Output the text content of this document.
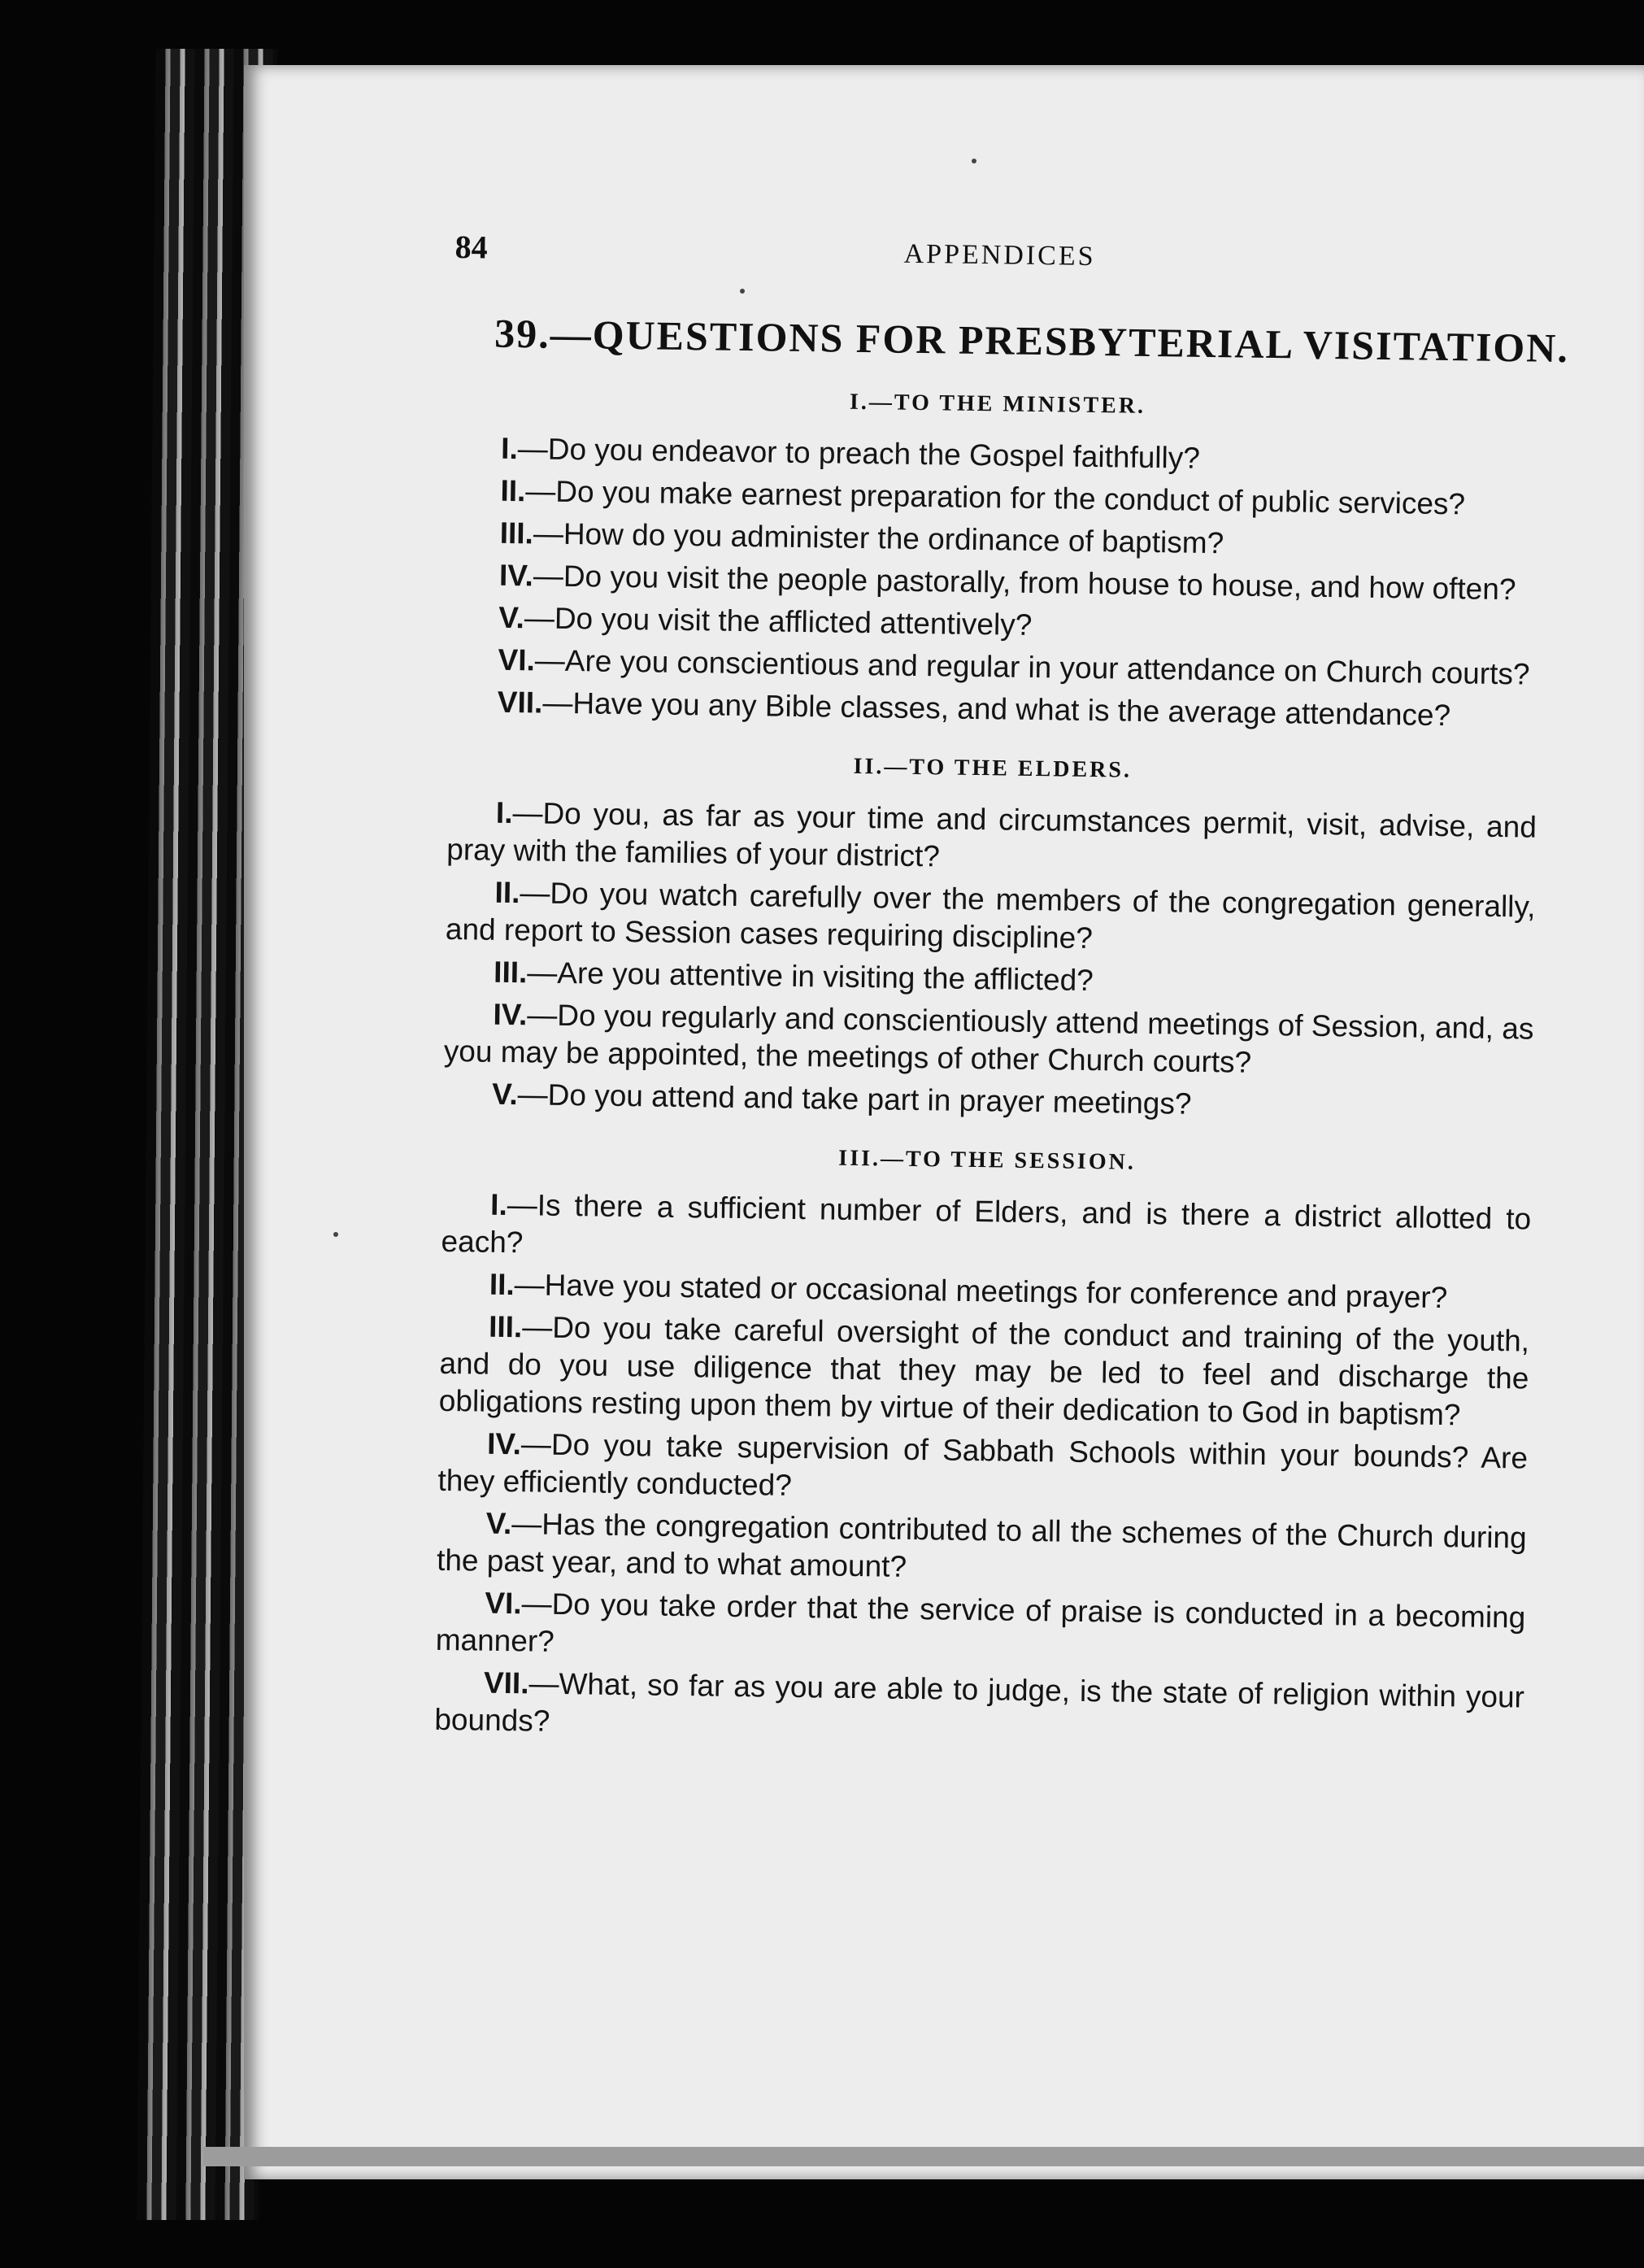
84	APPENDICES
39.—QUESTIONS FOR PRESBYTERIAL VISITATION.
I.—TO THE MINISTER.

I.—Do you endeavor to preach the Gospel faithfully?

II.—Do you make earnest preparation for the conduct of public services?

III.—How do you administer the ordinance of baptism?

IV.—Do you visit the people pastorally, from house to house, and how often?

V.—Do you visit the afflicted attentively?

VI.—Are you conscientious and regular in your attendance on Church courts?

VII.—Have you any Bible classes, and what is the average attendance?

II.—TO THE ELDERS.

I.—Do you, as far as your time and circumstances permit, visit, advise, and pray with the families of your district?

II.—Do you watch carefully over the members of the congregation generally, and report to Session cases requiring discipline?

III.—Are you attentive in visiting the afflicted?

IV.—Do you regularly and conscientiously attend meetings of Session, and, as you may be appointed, the meetings of other Church courts?

V.—Do you attend and take part in prayer meetings?

III.—TO THE SESSION.

I.—Is there a sufficient number of Elders, and is there a district allotted to each?

II.—Have you stated or occasional meetings for conference and prayer?

III.—Do you take careful oversight of the conduct and training of the youth, and do you use diligence that they may be led to feel and discharge the obligations resting upon them by virtue of their dedication to God in baptism?

IV.—Do you take supervision of Sabbath Schools within your bounds? Are they efficiently conducted?

V.—Has the congregation contributed to all the schemes of the Church during the past year, and to what amount?

VI.—Do you take order that the service of praise is conducted in a becoming manner?

VII.—What, so far as you are able to judge, is the state of religion within your bounds?
